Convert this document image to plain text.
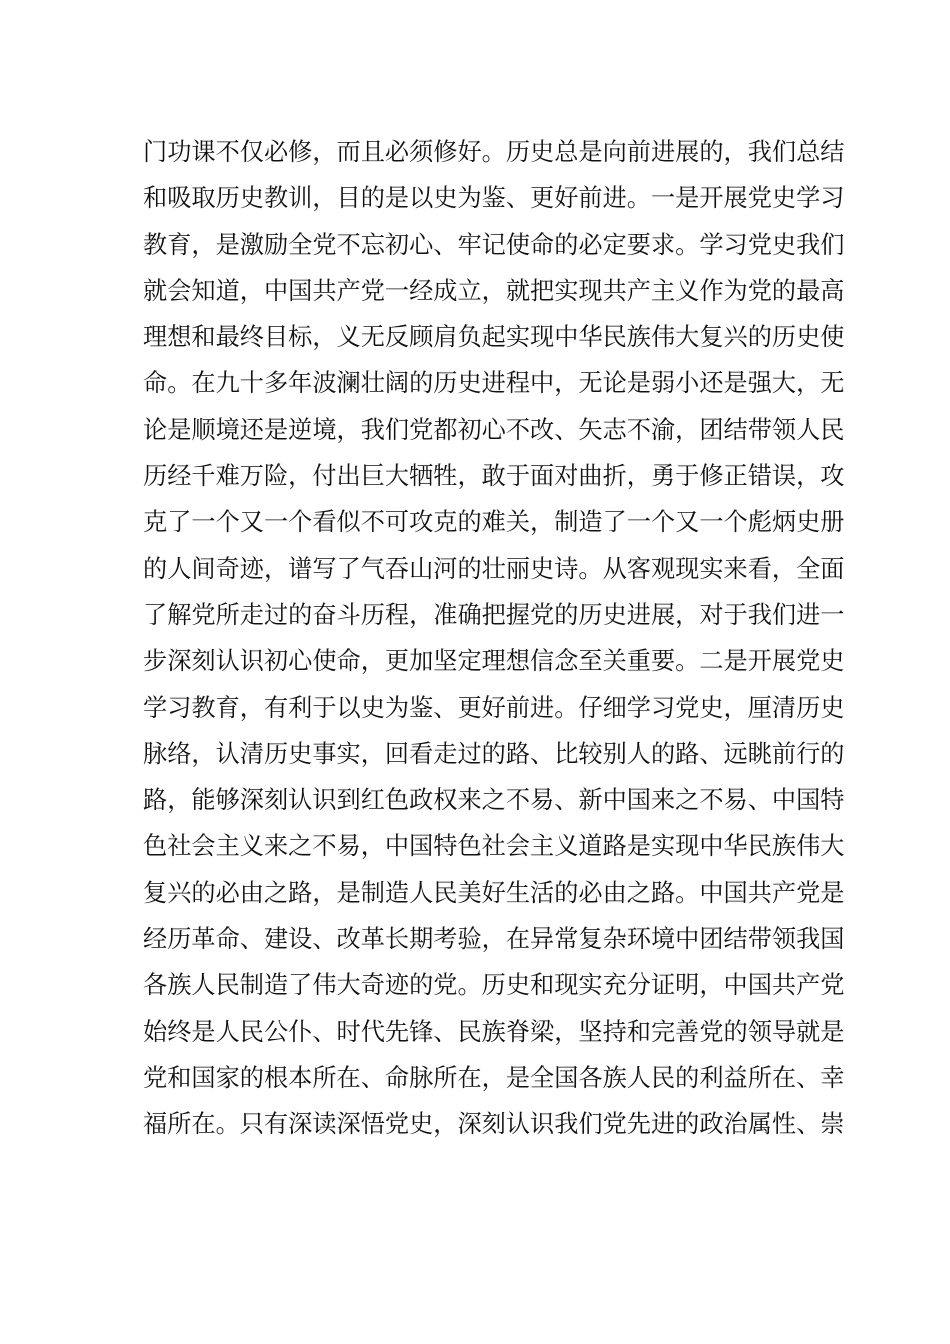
门功课不仅必修，而且必须修好。历史总是向前进展的，我们总结
和吸取历史教训，目的是以史为鉴、更好前进。一是开展党史学习
教育，是激励全党不忘初心、牢记使命的必定要求。学习党史我们
就会知道，中国共产党一经成立，就把实现共产主义作为党的最高
理想和最终目标，义无反顾肩负起实现中华民族伟大复兴的历史使
命。在九十多年波澜壮阔的历史进程中，无论是弱小还是强大，无
论是顺境还是逆境，我们党都初心不改、矢志不渝，团结带领人民
历经千难万险，付出巨大牺牲，敢于面对曲折，勇于修正错误，攻
克了一个又一个看似不可攻克的难关，制造了一个又一个彪炳史册
的人间奇迹，谱写了气吞山河的壮丽史诗。从客观现实来看，全面
了解党所走过的奋斗历程，准确把握党的历史进展，对于我们进一
步深刻认识初心使命，更加坚定理想信念至关重要。二是开展党史
学习教育，有利于以史为鉴、更好前进。仔细学习党史，厘清历史
脉络，认清历史事实，回看走过的路、比较别人的路、远眺前行的
路，能够深刻认识到红色政权来之不易、新中国来之不易、中国特
色社会主义来之不易，中国特色社会主义道路是实现中华民族伟大
复兴的必由之路，是制造人民美好生活的必由之路。中国共产党是
经历革命、建设、改革长期考验，在异常复杂环境中团结带领我国
各族人民制造了伟大奇迹的党。历史和现实充分证明，中国共产党
始终是人民公仆、时代先锋、民族脊梁，坚持和完善党的领导就是
党和国家的根本所在、命脉所在，是全国各族人民的利益所在、幸
福所在。只有深读深悟党史，深刻认识我们党先进的政治属性、崇
